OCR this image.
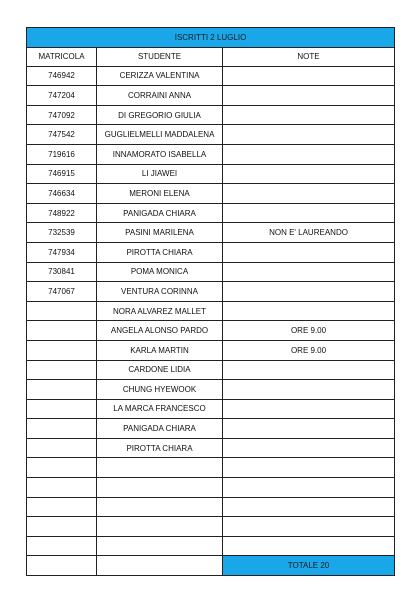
ISCRITTI 2 LUGLIO		
MATRICOLA	STUDENTE	NOTE
746942	CERIZZA VALENTINA	
747204	CORRAINI ANNA	
747092	DI GREGORIO GIULIA	
747542	GUGLIELMELLI MADDALENA	
719616	INNAMORATO ISABELLA	
746915	LI JIAWEI	
746634	MERONI ELENA	
748922	PANIGADA CHIARA	
732539	PASINI MARILENA	NON E' LAUREANDO
747934	PIROTTA CHIARA	
730841	POMA MONICA	
747067	VENTURA CORINNA	
	NORA ALVAREZ MALLET	
	ANGELA ALONSO PARDO	ORE 9.00
	KARLA MARTIN	ORE 9.00
	CARDONE LIDIA	
	CHUNG HYEWOOK	
	LA MARCA FRANCESCO	
	PANIGADA CHIARA	
	PIROTTA CHIARA	

		TOTALE 20
